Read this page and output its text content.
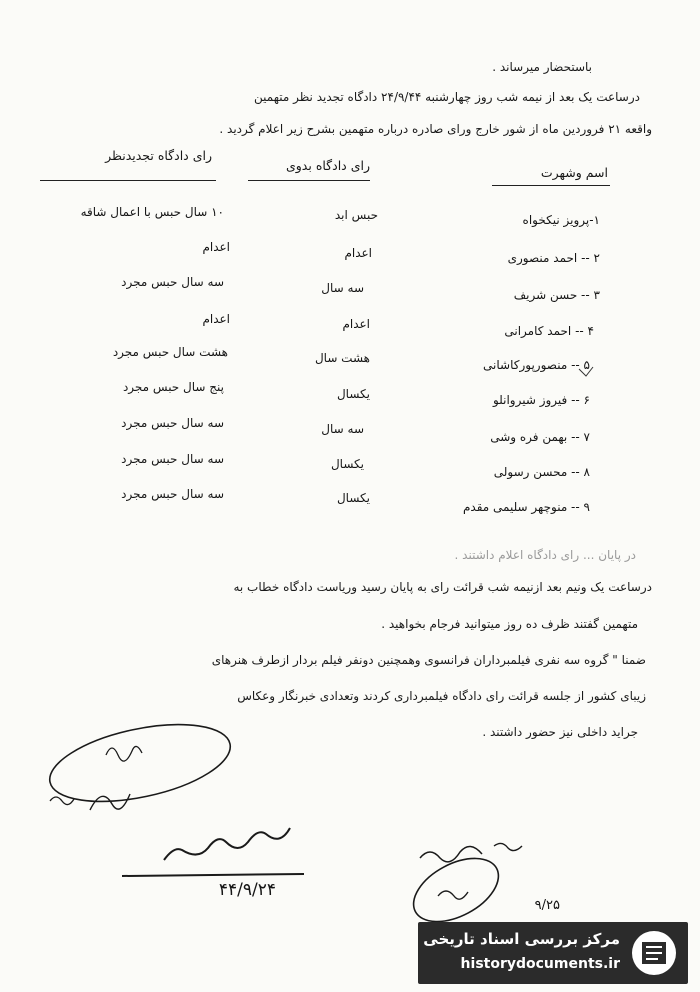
باستحضار میرساند .
درساعت یک بعد از نیمه شب روز چهارشنبه ۲۴/۹/۴۴ دادگاه تجدید نظر متهمین
واقعه ۲۱ فروردین ماه از شور خارج ورای صادره درباره متهمین بشرح زیر اعلام گردید .
اسم وشهرت
رای دادگاه بدوی
رای دادگاه تجدیدنظر
۱-پرویز نیکخواه
حبس ابد
۱۰ سال حبس با اعمال شاقه
۲ -- احمد منصوری
اعدام
اعدام
۳ -- حسن شریف
سه سال
سه سال حبس مجرد
۴ -- احمد کامرانی
اعدام
اعدام
۵ -- منصورپورکاشانی
هشت سال
هشت سال حبس مجرد
۶ -- فیروز شیروانلو
یکسال
پنج سال حبس مجرد
۷ -- بهمن فره وشی
سه سال
سه سال حبس مجرد
۸ -- محسن رسولی
یکسال
سه سال حبس مجرد
۹ -- منوچهر سلیمی مقدم
یکسال
سه سال حبس مجرد
در پایان ... رای دادگاه اعلام داشتند .
درساعت یک ونیم بعد ازنیمه شب قرائت رای به پایان رسید وریاست دادگاه خطاب به
متهمین گفتند ظرف ده روز میتوانید فرجام بخواهید .
ضمنا " گروه سه نفری فیلمبرداران فرانسوی وهمچنین دونفر فیلم بردار ازطرف هنرهای
زیبای کشور از جلسه قرائت رای دادگاه فیلمبرداری کردند وتعدادی خبرنگار وعکاس
جراید داخلی نیز حضور داشتند .
۴۴/۹/۲۴
۹/۲۵
مرکز بررسی اسناد تاریخی
historydocuments.ir
